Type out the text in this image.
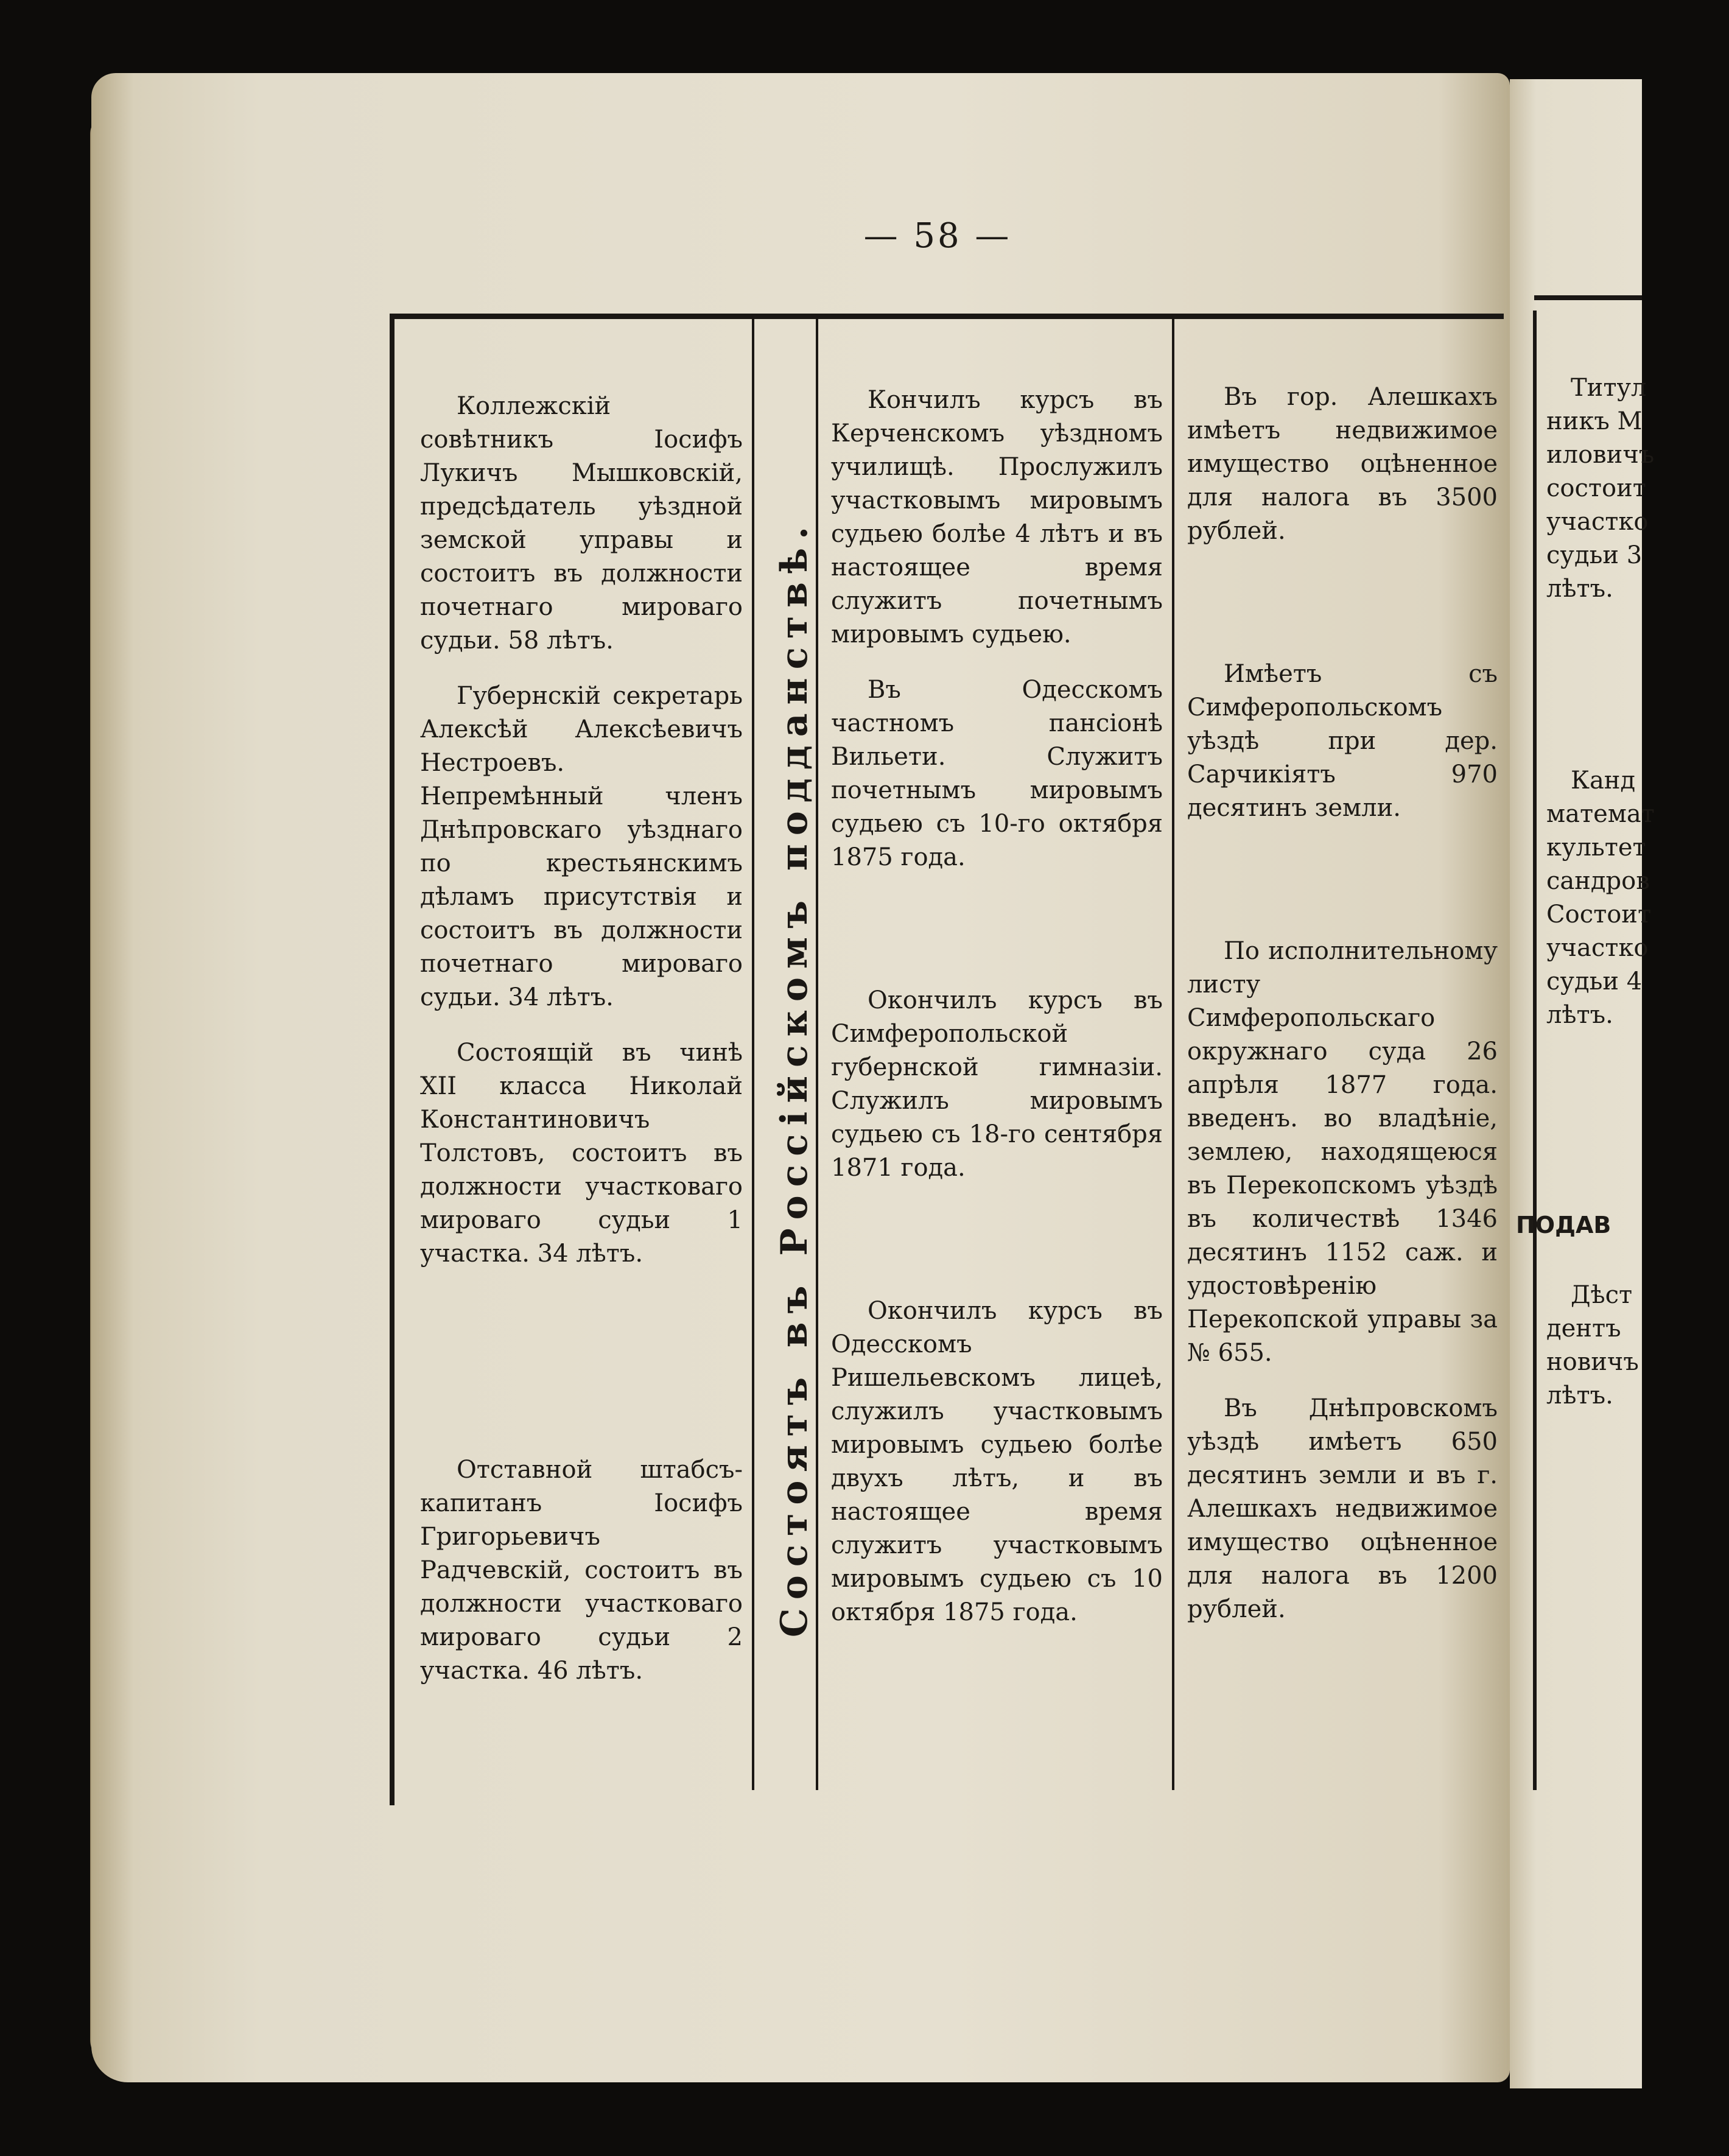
— 58 —

Коллежскій совѣтникъ Іосифъ Лукичъ Мышковскій, предсѣдатель уѣздной земской управы и состоитъ въ должности почетнаго мироваго судьи. 58 лѣтъ.

Губернскій секретарь Алексѣй Алексѣевичъ Нестроевъ. Непремѣнный членъ Днѣпровскаго уѣзднаго по крестьянскимъ дѣламъ присутствія и состоитъ въ должности почетнаго мироваго судьи. 34 лѣтъ.

Состоящій въ чинѣ XII класса Николай Константиновичъ Толстовъ, состоитъ въ должности участковаго мироваго судьи 1 участка. 34 лѣтъ.

Отставной штабсъ-капитанъ Іосифъ Григорьевичъ Радчевскій, состоитъ въ должности участковаго мироваго судьи 2 участка. 46 лѣтъ.

Состоятъ въ Россійскомъ подданствѣ.

Кончилъ курсъ въ Керченскомъ уѣздномъ училищѣ. Прослужилъ участковымъ мировымъ судьею болѣе 4 лѣтъ и въ настоящее время служитъ почетнымъ мировымъ судьею.

Въ Одесскомъ частномъ пансіонѣ Вильети. Служитъ почетнымъ мировымъ судьею съ 10-го октября 1875 года.

Окончилъ курсъ въ Симферопольской губернской гимназіи. Служилъ мировымъ судьею съ 18-го сентября 1871 года.

Окончилъ курсъ въ Одесскомъ Ришельевскомъ лицеѣ, служилъ участковымъ мировымъ судьею болѣе двухъ лѣтъ, и въ настоящее время служитъ участковымъ мировымъ судьею съ 10 октября 1875 года.

Въ гор. Алешкахъ имѣетъ недвижимое имущество оцѣненное для налога въ 3500 рублей.

Имѣетъ съ Симферопольскомъ уѣздѣ при дер. Сарчикіятъ 970 десятинъ земли.

По исполнительному листу Симферопольскаго окружнаго суда 26 апрѣля 1877 года. введенъ. во владѣніе, землею, находящеюся въ Перекопскомъ уѣздѣ въ количествѣ 1346 десятинъ 1152 саж. и удостовѣренію Перекопской управы за № 655.

Въ Днѣпровскомъ уѣздѣ имѣетъ 650 десятинъ земли и въ г. Алешкахъ недвижимое имущество оцѣненное для налога въ 1200 рублей.

Титул
никъ М
иловичъ
состоит
участко
судьи 3
лѣтъ.
Канд
математ
культет
сандров
Состоит
участко
судьи 4
лѣтъ.
ПОДАВ
Дѣст
дентъ
новичъ
лѣтъ.
